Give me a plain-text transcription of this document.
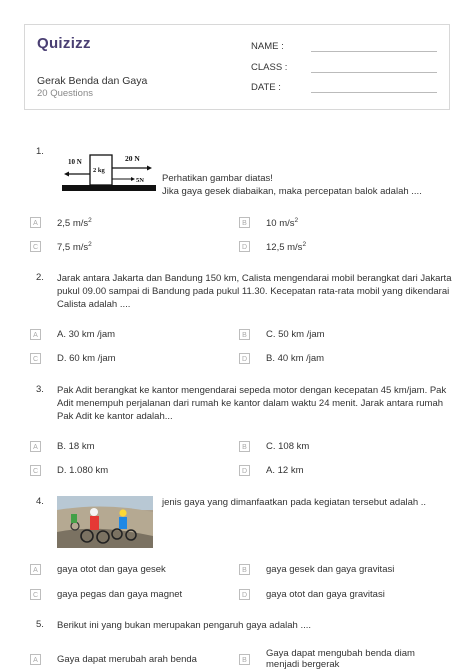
Quizizz
Gerak Benda dan Gaya
20 Questions
NAME :
CLASS :
DATE :
1.
10 N
2 kg
20 N
5N Perhatikan gambar diatas!
Jika gaya gesek diabaikan, maka percepatan balok adalah ....
A	2,5 $m/s^2$	B	10 $m/s^2$
C	7,5 $m/s^2$	D	12,5 $m/s^2$
2. Jarak antara Jakarta dan Bandung 150 km, Calista mengendarai mobil berangkat dari Jakarta pukul 09.00 sampai di Bandung pada pukul 11.30. Kecepatan rata-rata mobil yang dikendarai Calista adalah ....
A	A. 30 km /jam	B	C. 50 km /jam
C	D. 60 km /jam	D	B. 40 km /jam
3. Pak Adit berangkat ke kantor mengendarai sepeda motor dengan kecepatan 45 km/jam. Pak Adit menempuh perjalanan dari rumah ke kantor dalam waktu 24 menit. Jarak antara rumah Pak Adit ke kantor adalah...
A	B. 18 km	B	C. 108 km
C	D. 1.080 km	D	A. 12 km
4.	jenis gaya yang dimanfaatkan pada kegiatan tersebut adalah ..
A	gaya otot dan gaya gesek	B	gaya gesek dan gaya gravitasi
C	gaya pegas dan gaya magnet	D	gaya otot dan gaya gravitasi
5. Berikut ini yang bukan merupakan pengaruh gaya adalah ....
A	Gaya dapat merubah arah benda	B
Gaya dapat mengubah benda diam
menjadi bergerak
